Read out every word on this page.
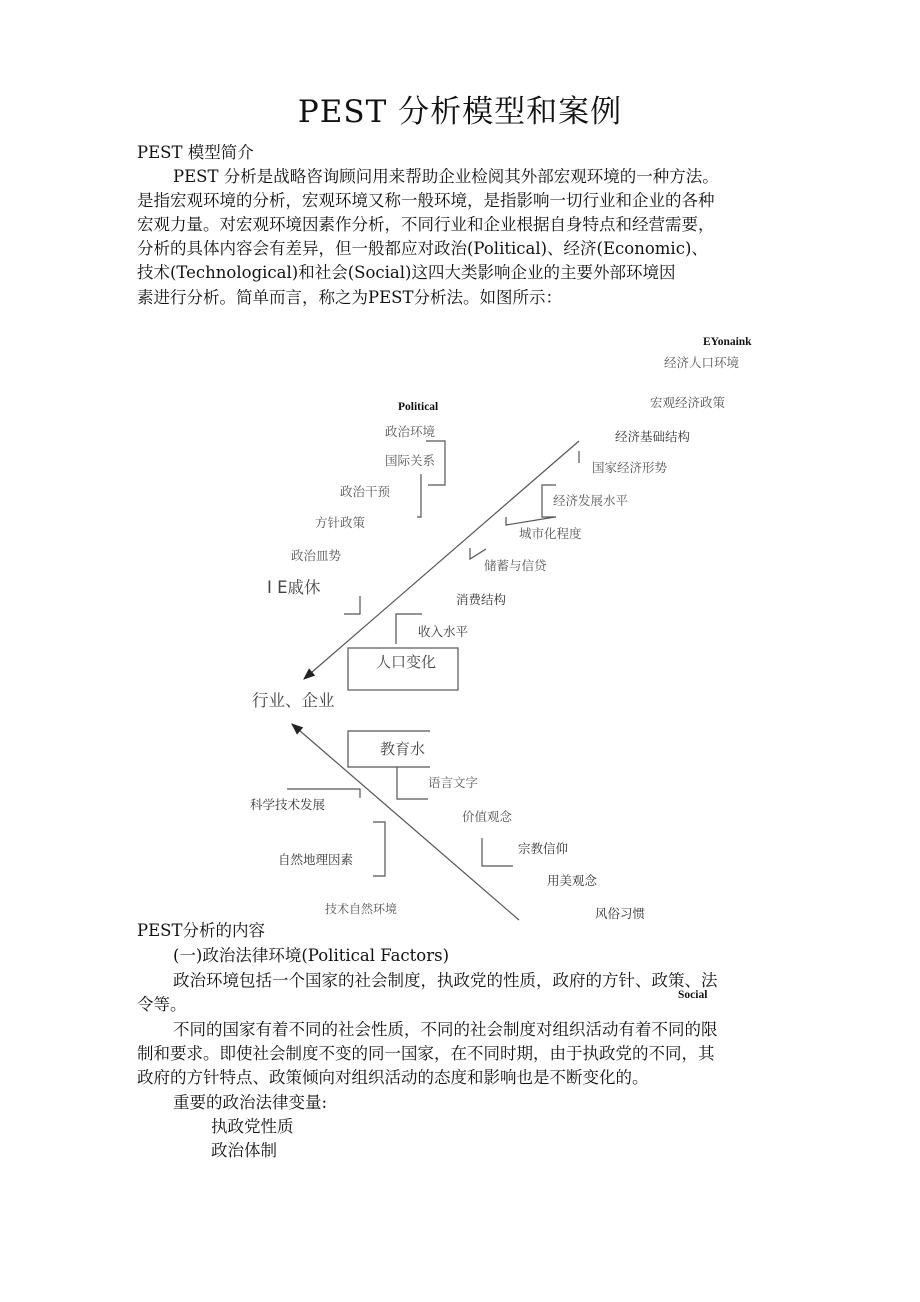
PEST 分析模型和案例
PEST 模型简介
PEST 分析是战略咨询顾问用来帮助企业检阅其外部宏观环境的一种方法。
是指宏观环境的分析，宏观环境又称一般环境，是指影响一切行业和企业的各种
宏观力量。对宏观环境因素作分析，不同行业和企业根据自身特点和经营需要，
分析的具体内容会有差异，但一般都应对政治(Political)、经济(Economic)、
技术(Technological)和社会(Social)这四大类影响企业的主要外部环境因
素进行分析。简单而言，称之为PEST分析法。如图所示：
EYonaink
经济人口环境
宏观经济政策
Political
政治环境	经济基础结构
国际关系	国家经济形势
政治干预
经济发展水平
方针政策
城市化程度
政治皿势
储蓄与信贷
I E戚休
消费结构
收入水平
人口变化
行业、企业
教育水
语言文字
科学技术发展
价值观念
宗教信仰
自然地理因素
用美观念
技术自然环境	风俗习惯
PEST分析的内容
(一)政治法律环境(Political Factors)
政治环境包括一个国家的社会制度，执政党的性质，政府的方针、政策、法
令等。	Social
不同的国家有着不同的社会性质，不同的社会制度对组织活动有着不同的限
制和要求。即使社会制度不变的同一国家，在不同时期，由于执政党的不同，其
政府的方针特点、政策倾向对组织活动的态度和影响也是不断变化的。
重要的政治法律变量:
执政党性质
政治体制
